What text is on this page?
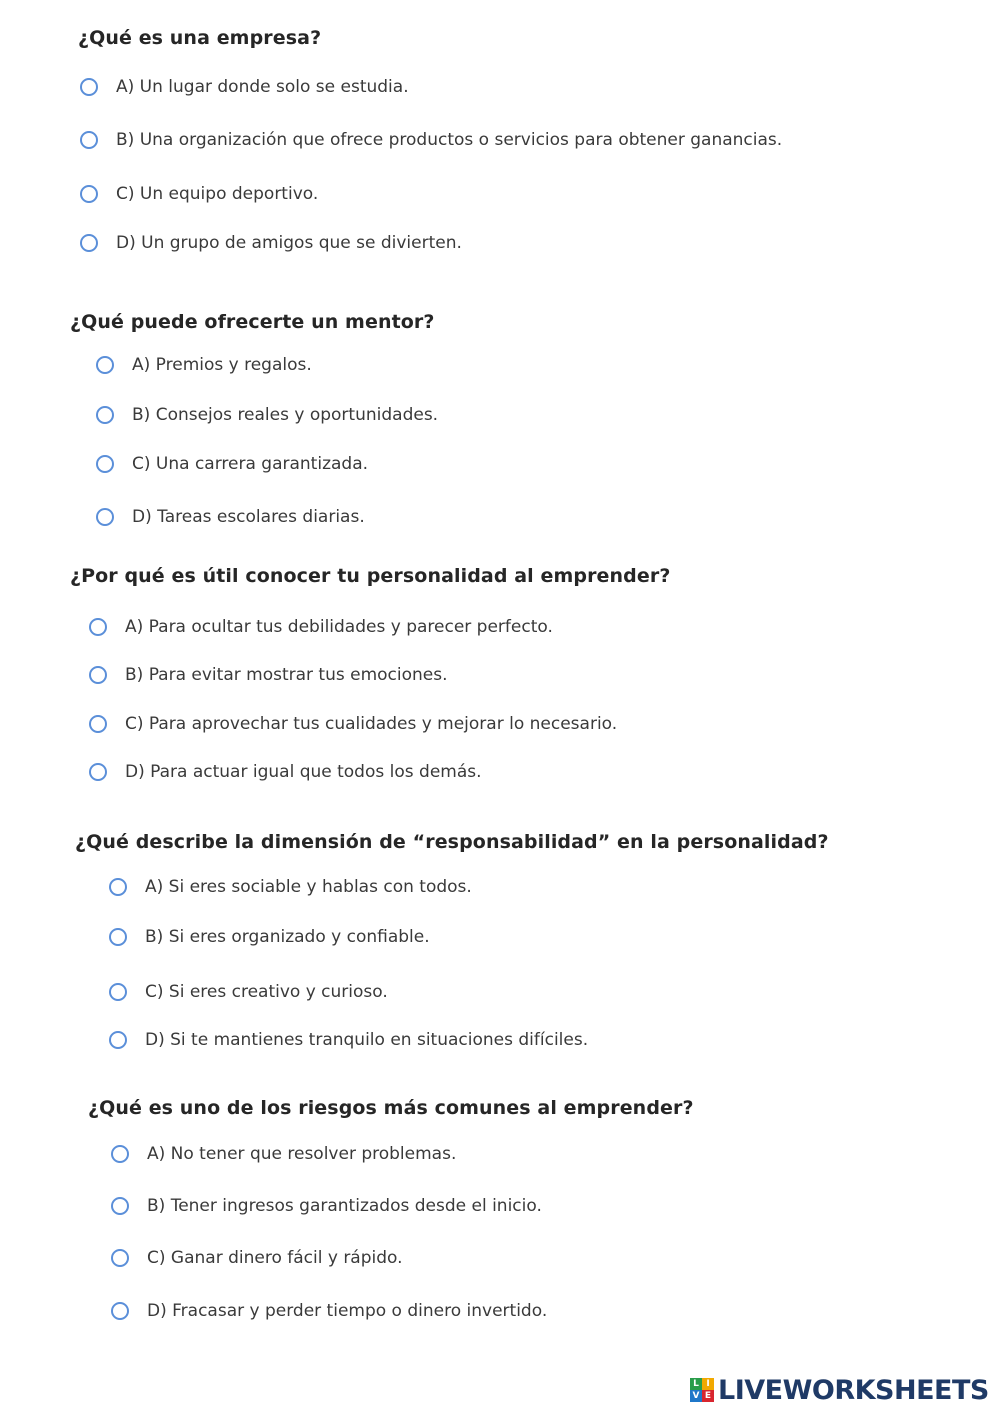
¿Qué es una empresa?
A) Un lugar donde solo se estudia.
B) Una organización que ofrece productos o servicios para obtener ganancias.
C) Un equipo deportivo.
D) Un grupo de amigos que se divierten.
¿Qué puede ofrecerte un mentor?
A) Premios y regalos.
B) Consejos reales y oportunidades.
C) Una carrera garantizada.
D) Tareas escolares diarias.
¿Por qué es útil conocer tu personalidad al emprender?
A) Para ocultar tus debilidades y parecer perfecto.
B) Para evitar mostrar tus emociones.
C) Para aprovechar tus cualidades y mejorar lo necesario.
D) Para actuar igual que todos los demás.
¿Qué describe la dimensión de “responsabilidad” en la personalidad?
A) Si eres sociable y hablas con todos.
B) Si eres organizado y confiable.
C) Si eres creativo y curioso.
D) Si te mantienes tranquilo en situaciones difíciles.
¿Qué es uno de los riesgos más comunes al emprender?
A) No tener que resolver problemas.
B) Tener ingresos garantizados desde el inicio.
C) Ganar dinero fácil y rápido.
D) Fracasar y perder tiempo o dinero invertido.
L I
V E LIVEWORKSHEETS
